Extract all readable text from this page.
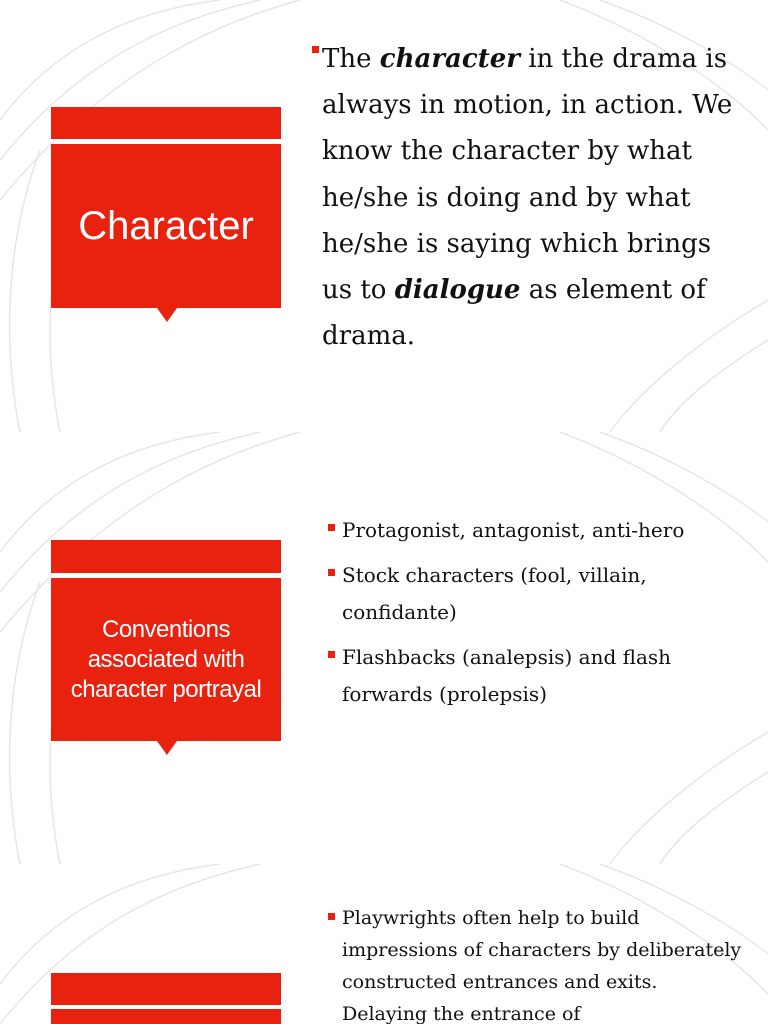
Character
The character in the drama is always in motion, in action. We know the character by what he/she is doing and by what he/she is saying which brings us to dialogue as element of drama.
Conventions associated with character portrayal
Protagonist, antagonist, anti-hero
Stock characters (fool, villain, confidante)
Flashbacks (analepsis) and flash forwards (prolepsis)
Playwrights often help to build impressions of characters by deliberately constructed entrances and exits. Delaying the entrance of
